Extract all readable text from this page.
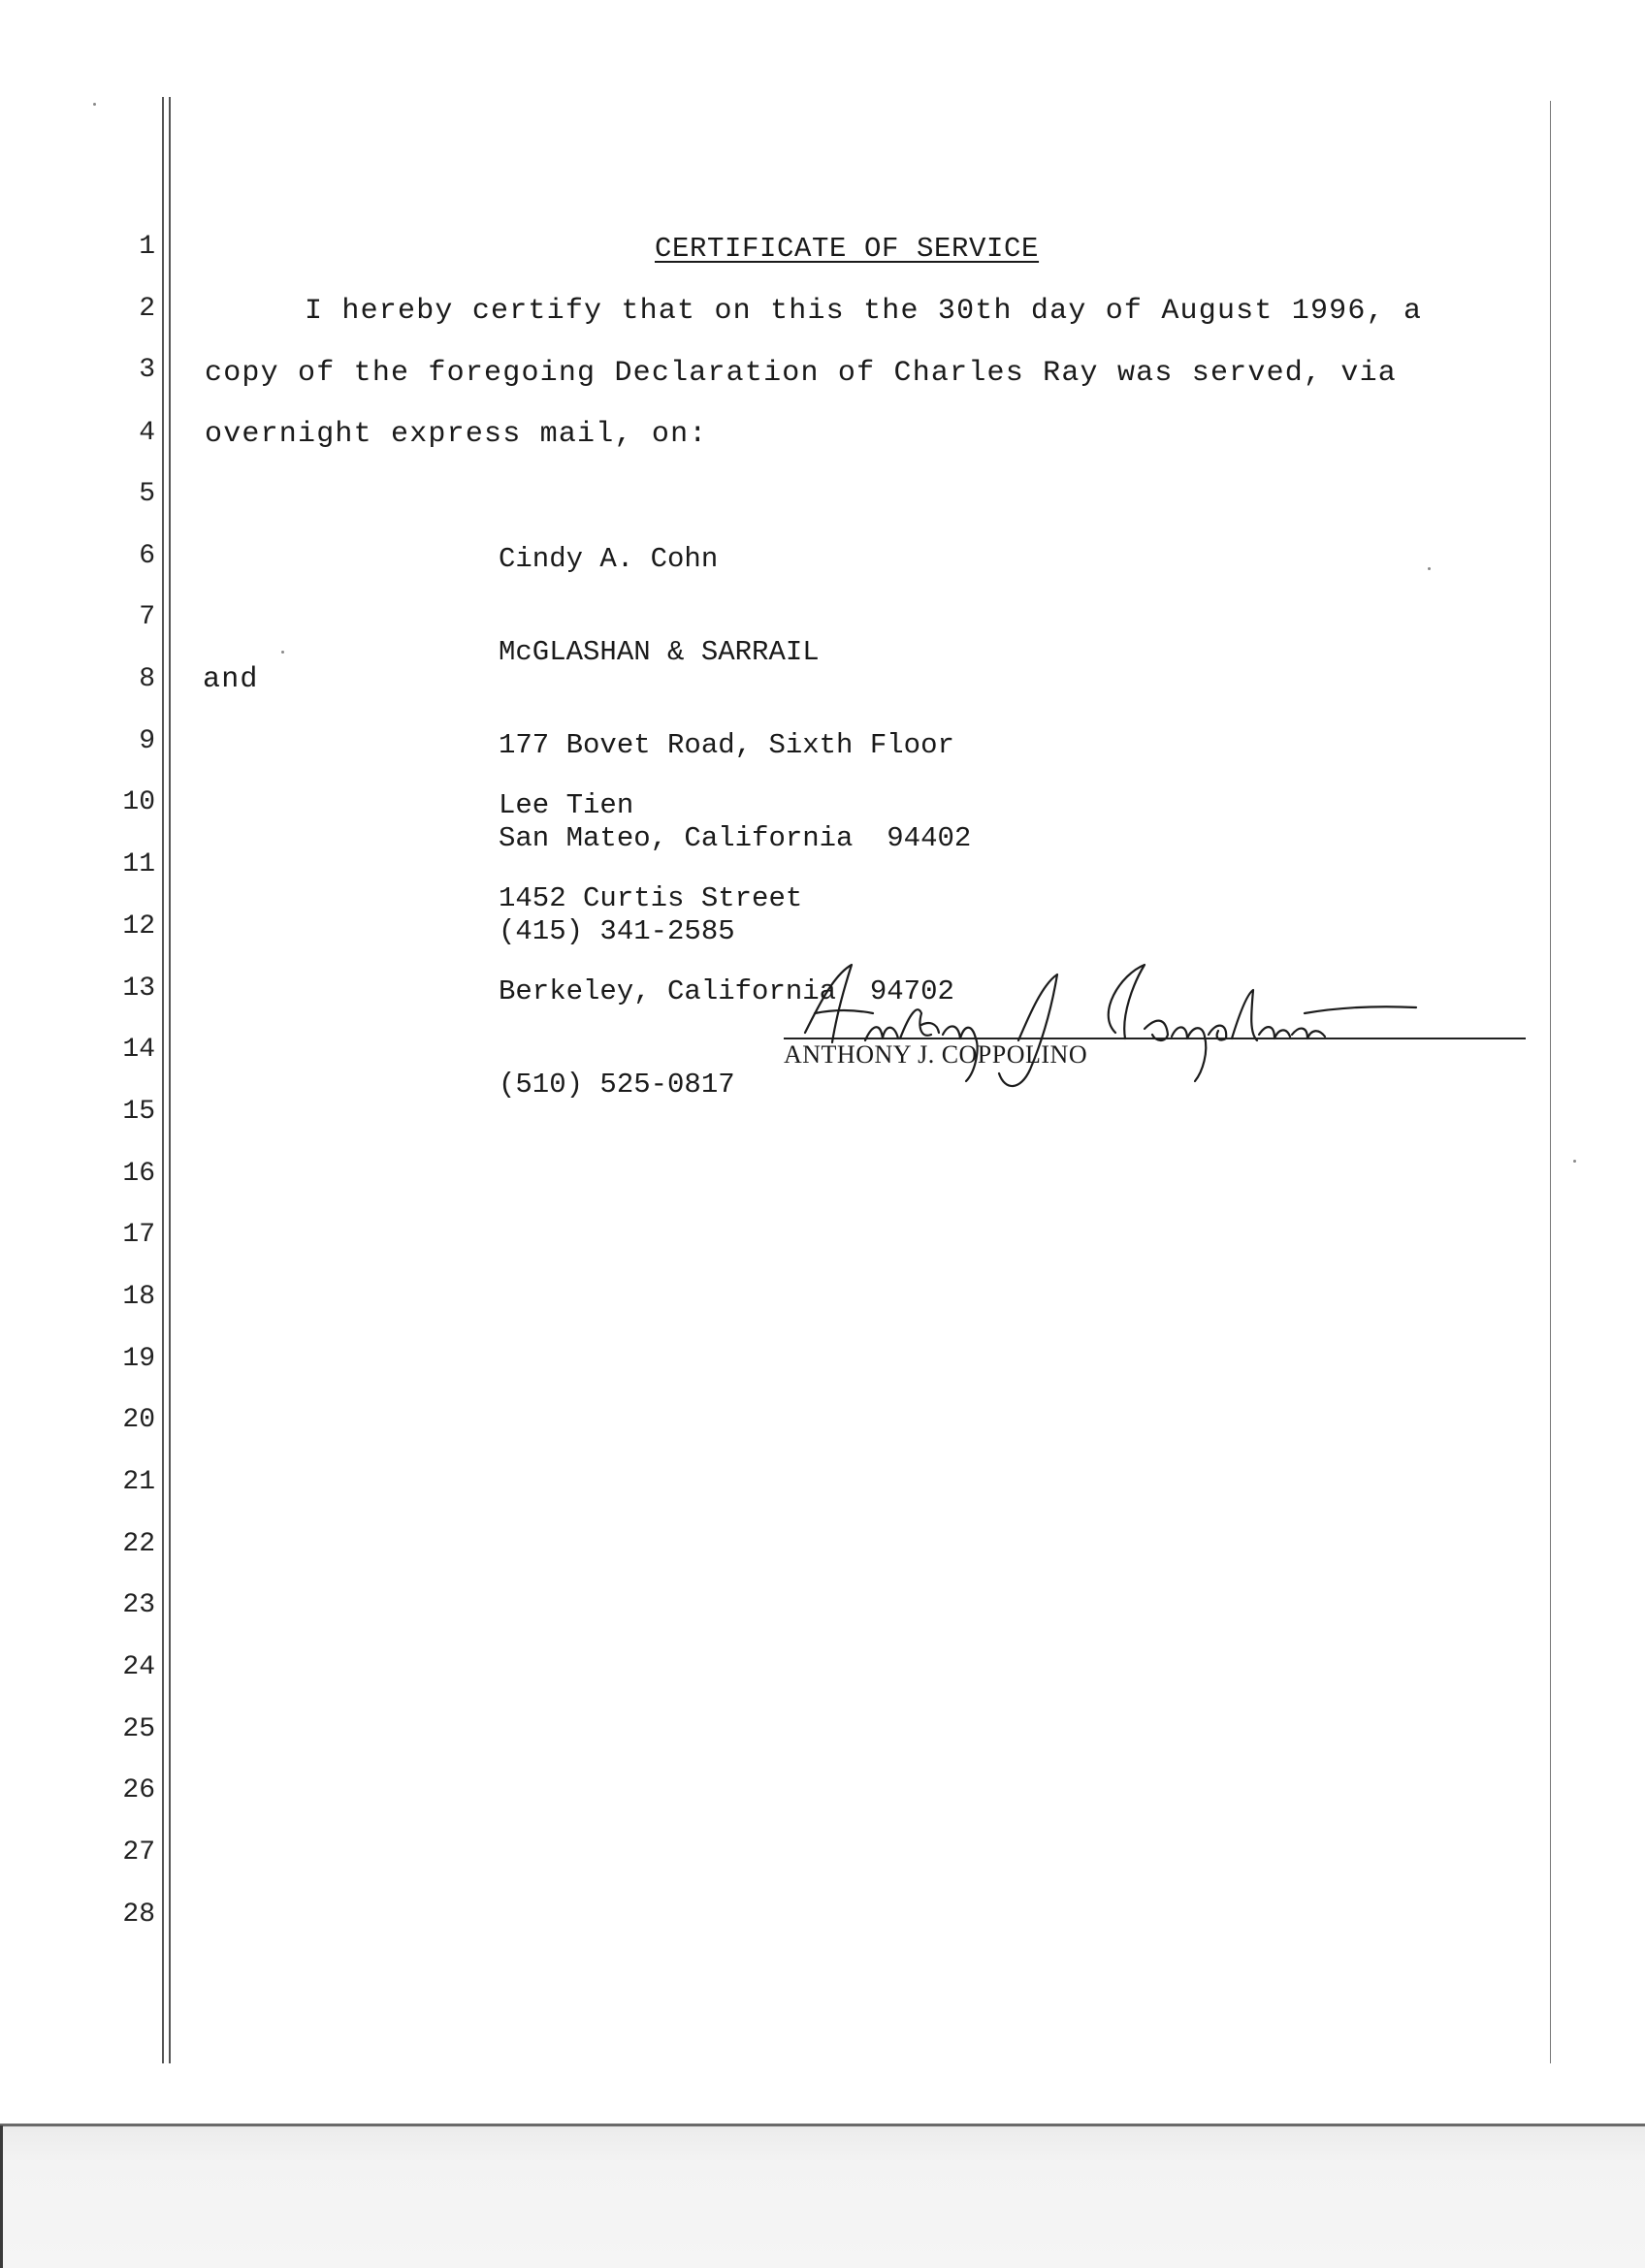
1
2
3
4
5
6
7
8
9
10
11
12
13
14
15
16
17
18
19
20
21
22
23
24
25
26
27
28
CERTIFICATE OF SERVICE
I hereby certify that on this the 30th day of August 1996, a
copy of the foregoing Declaration of Charles Ray was served, via
overnight express mail, on:

Cindy A. Cohn

McGLASHAN & SARRAIL

177 Bovet Road, Sixth Floor

San Mateo, California  94402

(415) 341-2585

and

Lee Tien

1452 Curtis Street

Berkeley, California  94702

(510) 525-0817

ANTHONY J. COPPOLINO
